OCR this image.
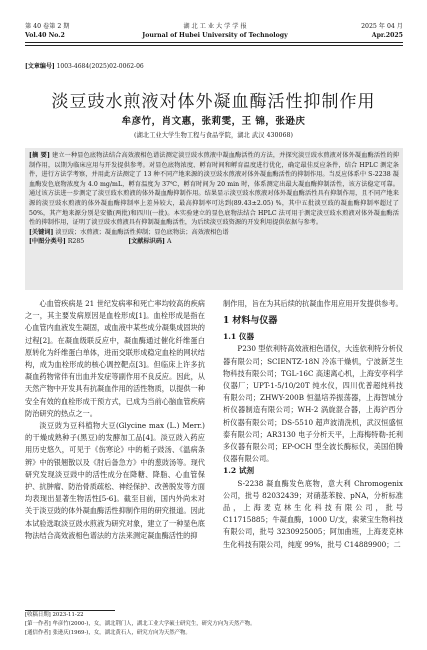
第 40 卷第 2 期	湖 北 工 业 大 学 学 报	2025 年 04 月
Vol.40 No.2	Journal of Hubei University of Technology	Apr.2025
[文章编号] 1003-4684(2025)02-0062-06
淡豆豉水煎液对体外凝血酶活性抑制作用
牟彦竹，肖文惠，张莉雯，王 锦，张逊庆
(湖北工业大学生物工程与食品学院，湖北 武汉 430068)
[摘 要] 建立一种显色底物法结合高效液相色谱法测定淡豆豉水煎液中凝血酶活性的方法，并探究淡豆豉水煎液对体外凝血酶活性的抑制作用，以期为临床应用与开发提供参考。对显色底物浓度、孵育时间和孵育温度进行优化，确定最佳反应条件，结合 HPLC 测定条件，进行方法学考察，并用此方法测定了 13 种不同产地来源的淡豆豉水煎液对体外凝血酶活性的抑制作用。当反应体系中 S-2238 凝血酶发色底物浓度为 4.0 mg/mL，孵育温度为 37℃，孵育时间为 20 min 时，体系测定出最大凝血酶抑制活性，该方法稳定可靠。通过该方法进一步测定了淡豆豉水煎液的体外凝血酶抑制作用。结果显示淡豆豉水煎液对体外凝血酶活性具有抑制作用，且不同产地来源的淡豆豉水煎液的体外凝血酶抑制率上差异较大，最高抑制率可达到(89.43±2.05) %，其中五批淡豆豉的凝血酶抑制率超过了 50%，其产地来源分别是安徽(两批)和四川(一批)。本实验建立的显色底物法结合 HPLC 法可用于测定淡豆豉水煎液对体外凝血酶活性的抑制作用，证明了淡豆豉水煎液具有抑制凝血酶活性，为后续淡豆豉资源的开发利用提供依据与参考。
[关键词] 淡豆豉；水煎液；凝血酶活性抑制；显色底物法；高效液相色谱
[中图分类号] R285	[文献标识码] A

心血管疾病是 21 世纪发病率和死亡率均较高的疾病之一，其主要发病原因是血栓形成[1]。血栓形成是指在心血管内血液发生凝固，或血液中某些成分凝集成固块的过程[2]。在凝血级联反应中，凝血酶通过催化纤维蛋白原转化为纤维蛋白单体，进而交联形成稳定血栓的网状结构，成为血栓形成的核心调控靶点[3]。但临床上许多抗凝血药物常伴有出血并发症等副作用不良反应。因此，从天然产物中开发具有抗凝血作用的活性物质，以提供一种安全有效的血栓形成干预方式，已成为当前心脑血管疾病防治研究的热点之一。

淡豆豉为豆科植物大豆(Glycine max (L.) Merr.)的干燥成熟种子(黑豆)的发酵加工品[4]。淡豆豉入药应用历史悠久，可见于《伤寒论》中的栀子豉汤、《温病条辨》中的银翘散以及《肘后备急方》中的葱豉汤等。现代研究发现淡豆豉中的活性成分在降糖、降脂、心血管保护、抗肿瘤、防治骨质疏松、神经保护、改善脱发等方面均表现出显著生物活性[5-6]。截至目前，国内外尚未对关于淡豆豉的体外凝血酶活性抑制作用的研究报道。因此本试验选取淡豆豉水煎液为研究对象，建立了一种显色底物法结合高效液相色谱法的方法来测定凝血酶活性的抑

[收稿日期] 2023-11-22
[第一作者] 牟彦竹(2000-)，女，湖北荆门人，湖北工业大学硕士研究生，研究方向为天然产物。
[通信作者] 张逊庆(1969-)，女，湖北黄石人，研究方向为天然产物。
制作用，旨在为其后续的抗凝血作用应用开发提供参考。
1 材料与仪器
1.1 仪器

P230 型依利特高效液相色谱仪，大连依利特分析仪器有限公司；SCIENTZ-18N 冷冻干燥机，宁波新芝生物科技有限公司；TGL-16C 高速离心机，上海安亭科学仪器厂；UPT-1-5/10/20T 纯水仪，四川优普超纯科技有限公司；ZHWY-200B 恒温培养振荡器，上海智城分析仪器制造有限公司；WH-2 涡旋混合器，上海沪西分析仪器有限公司；DS-5510 超声波清洗机，武汉恒盛恒泰有限公司；AR3130 电子分析天平，上海梅特勒-托利多仪器有限公司；EP-OCH 型全波长酶标仪，美国伯腾仪器有限公司。

1.2 试剂

S-2238 凝血酶发色底物，意大利 Chromogenix 公司，批号 82032439；对硝基苯胺、pNA，分析标准品，上海麦克林生化科技有限公司，批号 C11715885；牛凝血酶，1000 U/支，索莱宝生物科技有限公司，批号 3230925005；阿加曲班，上海麦克林生化科技有限公司，纯度 99%，批号 C14889900；二
